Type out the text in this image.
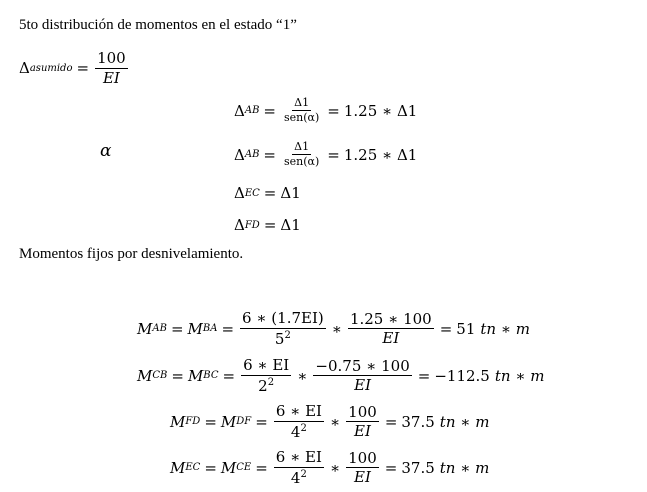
5to distribución de momentos en el estado “1”
Δ asumido = $\frac{100}{EI}$
α
Δ AB = $\frac{\Delta 1}{\text{sen(α)}} = 1.25$ ∗ Δ1
Δ AB = $\frac{\Delta 1}{\text{sen(α)}} = 1.25$ ∗ Δ1
Δ EC = Δ1
Δ FD = Δ1
Momentos fijos por desnivelamiento.
M AB = M BA = $\frac{6 ∗ (1.7EI)}{5^2}$ ∗ $\frac{1.25 ∗ 100}{EI} = 51$ tn ∗ m
M CB = M BC = $\frac{6 ∗ EI}{2^2}$ ∗ $\frac{-0.75 ∗ 100}{EI} = -112.5$ tn ∗ m
M FD = M DF = $\frac{6 ∗ EI}{4^2}$ ∗ $\frac{100}{EI} = 37.5$ tn ∗ m
M EC = M CE = $\frac{6 ∗ EI}{4^2}$ ∗ $\frac{100}{EI} = 37.5$ tn ∗ m
